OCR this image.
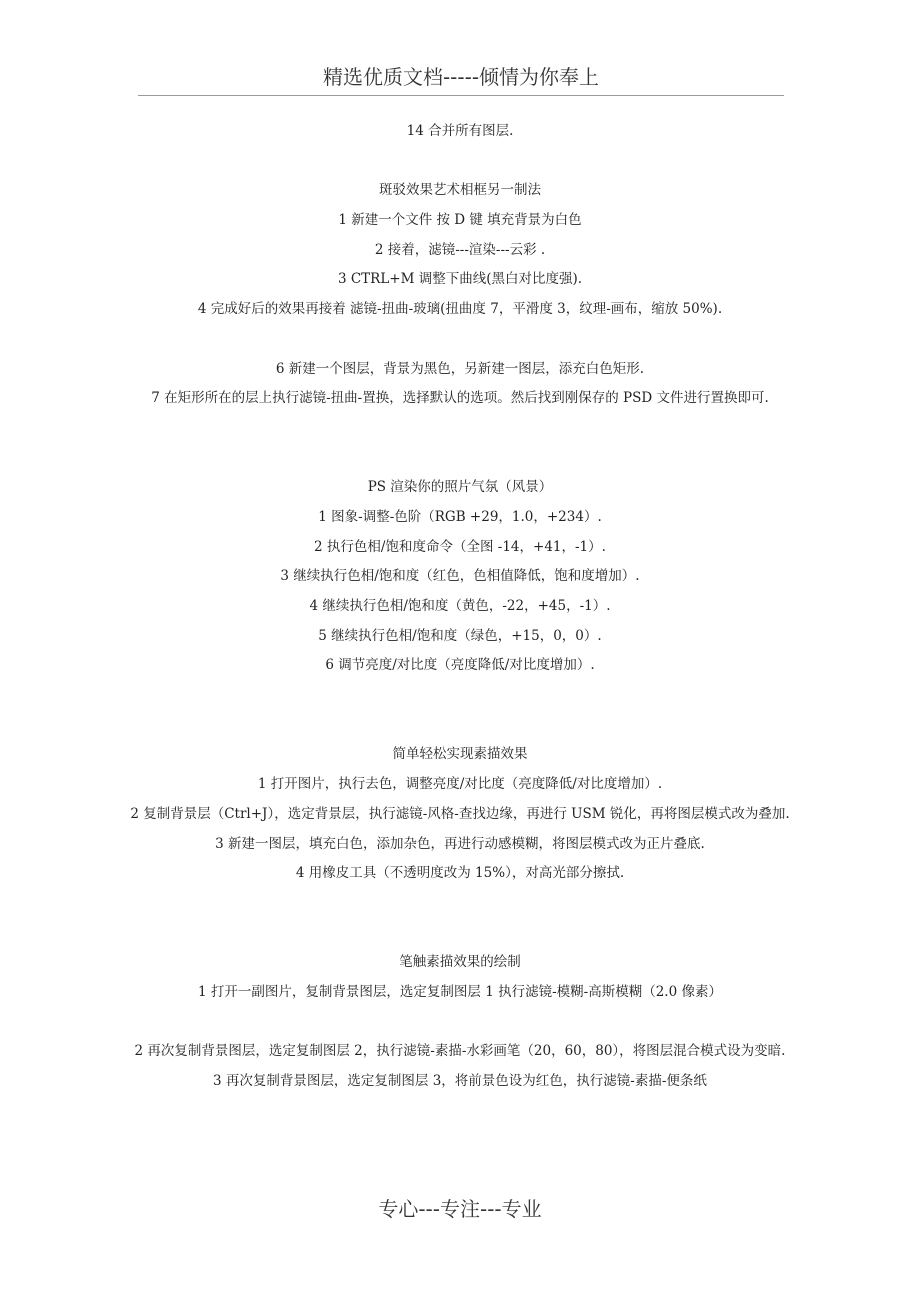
精选优质文档-----倾情为你奉上
14 合并所有图层.
斑驳效果艺术相框另一制法
1 新建一个文件 按 D 键 填充背景为白色
2 接着，滤镜---渲染---云彩 .
3 CTRL+M 调整下曲线(黑白对比度强).
4 完成好后的效果再接着 滤镜-扭曲-玻璃(扭曲度 7，平滑度 3，纹理-画布，缩放 50%).
6 新建一个图层，背景为黑色，另新建一图层，添充白色矩形.
7 在矩形所在的层上执行滤镜-扭曲-置换，选择默认的选项。然后找到刚保存的 PSD 文件进行置换即可.
PS 渲染你的照片气氛（风景）
1 图象-调整-色阶（RGB +29，1.0，+234）.
2 执行色相/饱和度命令（全图 -14，+41，-1）.
3 继续执行色相/饱和度（红色，色相值降低，饱和度增加）.
4 继续执行色相/饱和度（黄色，-22，+45，-1）.
5 继续执行色相/饱和度（绿色，+15，0，0）.
6 调节亮度/对比度（亮度降低/对比度增加）.
简单轻松实现素描效果
1 打开图片，执行去色，调整亮度/对比度（亮度降低/对比度增加）.
2 复制背景层（Ctrl+J），选定背景层，执行滤镜-风格-查找边缘，再进行 USM 锐化，再将图层模式改为叠加.
3 新建一图层，填充白色，添加杂色，再进行动感模糊，将图层模式改为正片叠底.
4 用橡皮工具（不透明度改为 15%），对高光部分擦拭.
笔触素描效果的绘制
1 打开一副图片，复制背景图层，选定复制图层 1 执行滤镜-模糊-高斯模糊（2.0 像素）
2 再次复制背景图层，选定复制图层 2，执行滤镜-素描-水彩画笔（20，60，80），将图层混合模式设为变暗.
3 再次复制背景图层，选定复制图层 3，将前景色设为红色，执行滤镜-素描-便条纸
专心---专注---专业
